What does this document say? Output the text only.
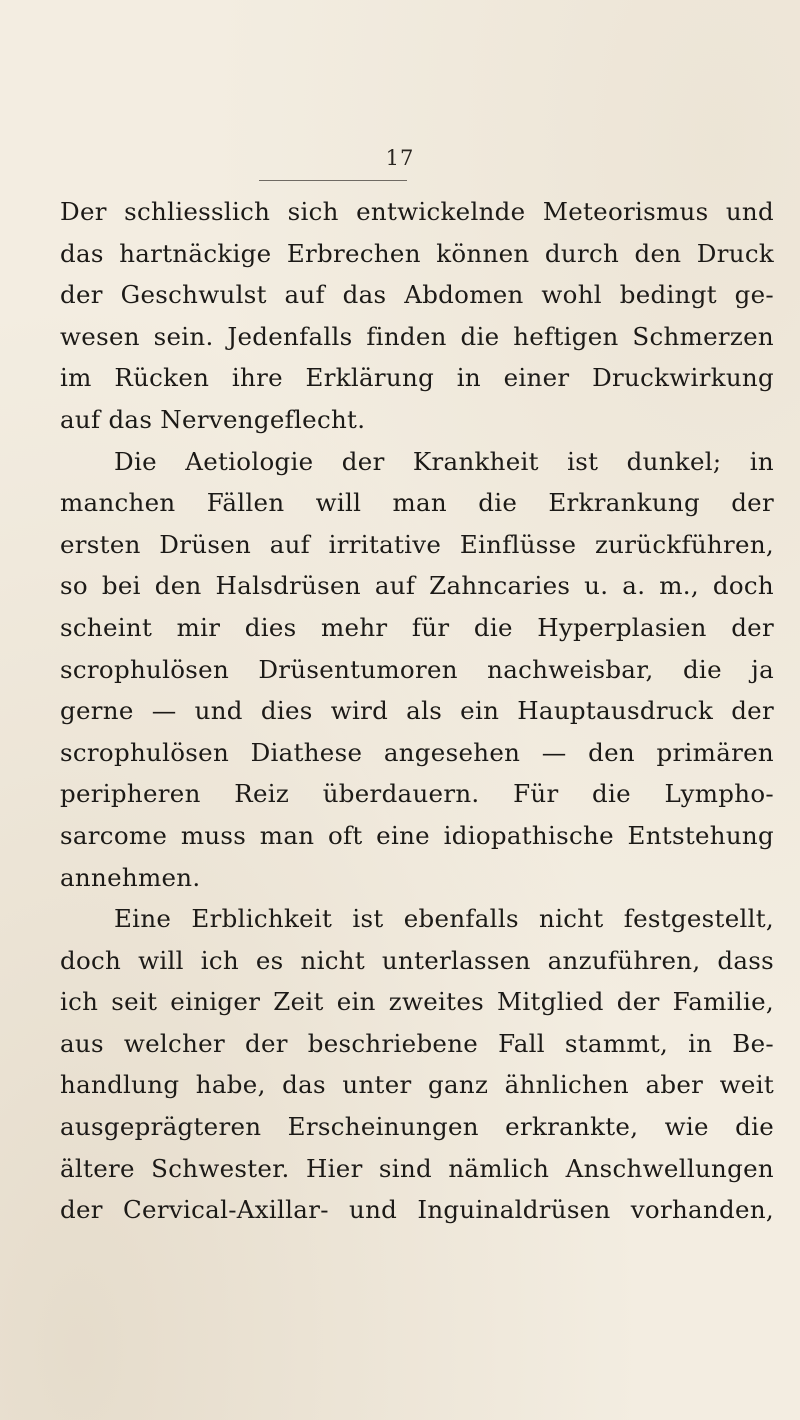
17
Der schliesslich sich entwickelnde Meteorismus und
das hartnäckige Erbrechen können durch den Druck
der Geschwulst auf das Abdomen wohl bedingt ge-
wesen sein. Jedenfalls finden die heftigen Schmerzen
im Rücken ihre Erklärung in einer Druckwirkung
auf das Nervengeflecht.
Die Aetiologie der Krankheit ist dunkel; in
manchen Fällen will man die Erkrankung der
ersten Drüsen auf irritative Einflüsse zurückführen,
so bei den Halsdrüsen auf Zahncaries u. a. m., doch
scheint mir dies mehr für die Hyperplasien der
scrophulösen Drüsentumoren nachweisbar, die ja
gerne — und dies wird als ein Hauptausdruck der
scrophulösen Diathese angesehen — den primären
peripheren Reiz überdauern. Für die Lympho-
sarcome muss man oft eine idiopathische Entstehung
annehmen.
Eine Erblichkeit ist ebenfalls nicht festgestellt,
doch will ich es nicht unterlassen anzuführen, dass
ich seit einiger Zeit ein zweites Mitglied der Familie,
aus welcher der beschriebene Fall stammt, in Be-
handlung habe, das unter ganz ähnlichen aber weit
ausgeprägteren Erscheinungen erkrankte, wie die
ältere Schwester. Hier sind nämlich Anschwellungen
der Cervical-Axillar- und Inguinaldrüsen vorhanden,
